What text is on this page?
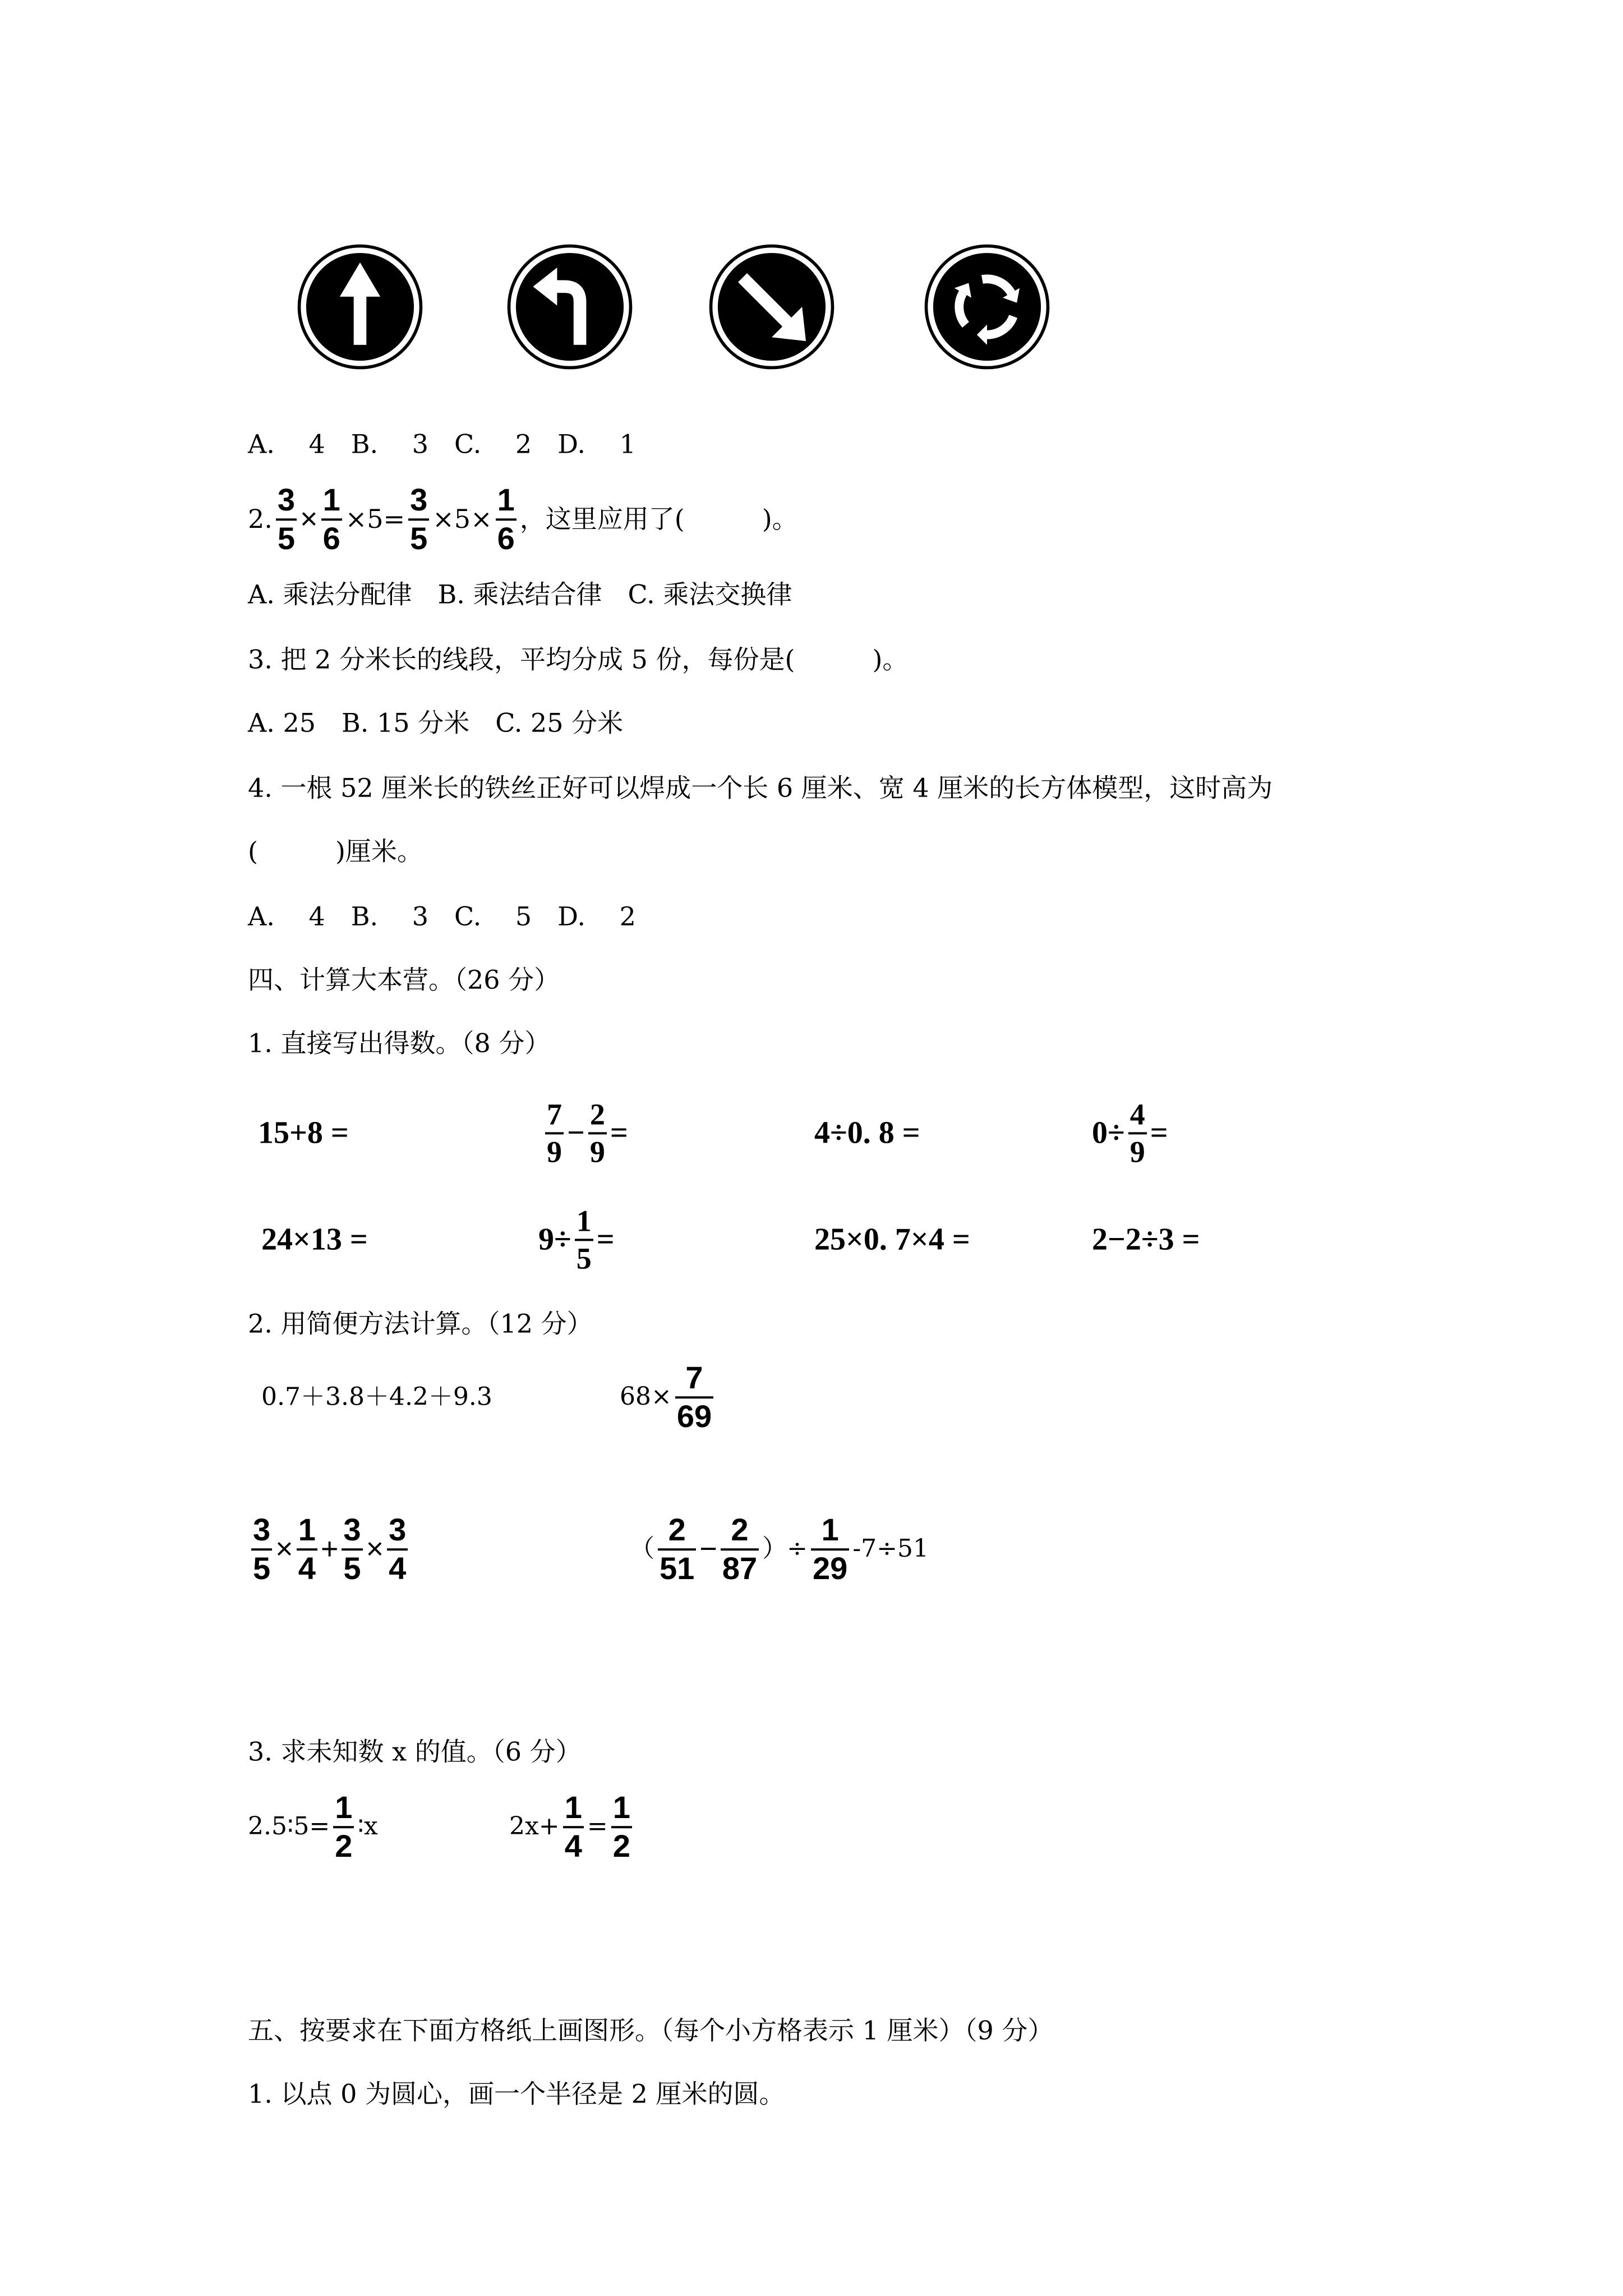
A.　 4　B.　 3　C.　 2　D.　 1
2. $\frac{3}{5} \times \frac{1}{6} \times 5= \frac{3}{5} \times 5\times \frac{1}{6}$ ，这里应用了(　　　)。
A. 乘法分配律　B. 乘法结合律　C. 乘法交换律
3. 把 2 分米长的线段，平均分成 5 份，每份是(　　　)。
A. 25　B. 15 分米　C. 25 分米
4. 一根 52 厘米长的铁丝正好可以焊成一个长 6 厘米、宽 4 厘米的长方体模型，这时高为
(　　　)厘米。
A.　 4　B.　 3　C.　 5　D.　 2
四、计算大本营。（26 分）
1. 直接写出得数。（8 分）
15+8 =	$\frac{7}{9} - \frac{2}{9}$ =	4÷0. 8 =	$0\div \frac{4}{9}$ =
24×13 =	$9\div \frac{1}{5}$ =	25×0. 7×4 =	2−2÷3 =
2. 用简便方法计算。（12 分）
0.7＋3.8＋4.2＋9.3	$68\times \frac{7}{69}$
$\frac{3}{5} \times \frac{1}{4} + \frac{3}{5} \times \frac{3}{4}$	（ $\frac{2}{51} - \frac{2}{87}$ ）÷ $\frac{1}{29} -7\div 51$
3. 求未知数 x 的值。（6 分）
2.5∶5= $\frac{1}{2}$ ∶x	$2x+ \frac{1}{4} = \frac{1}{2}$
五、按要求在下面方格纸上画图形。（每个小方格表示 1 厘米）（9 分）
1. 以点 0 为圆心，画一个半径是 2 厘米的圆。
